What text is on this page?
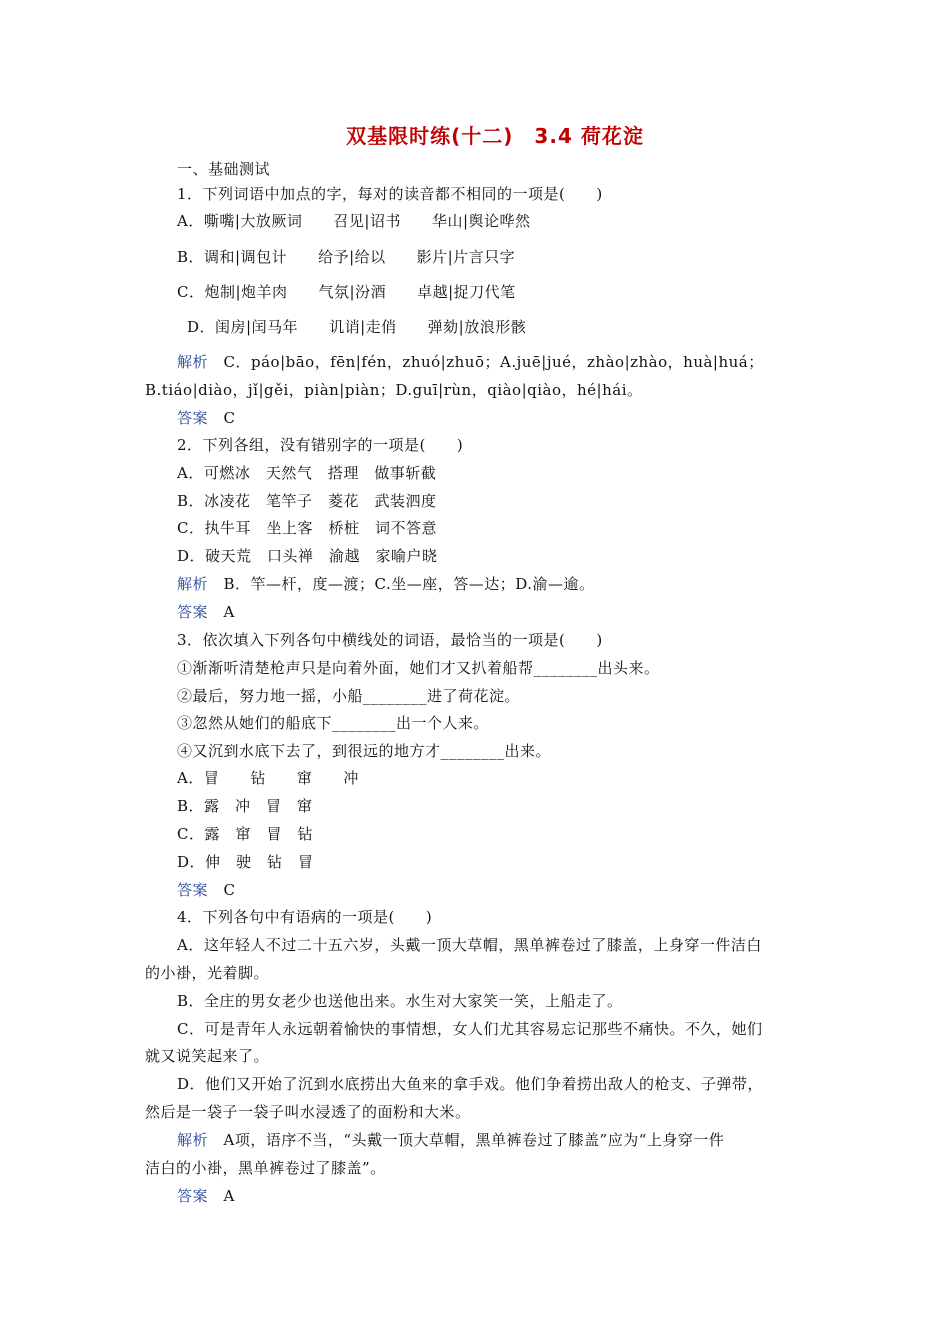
双基限时练(十二)　3.4 荷花淀
一、基础测试
1．下列词语中加点的字，每对的读音都不相同的一项是(　　)
A．嘶嘴|大放厥词　　召见|诏书　　华山|舆论哗然
B．调和|调包计　　给予|给以　　影片|片言只字
C．炮制|炮羊肉　　气氛|汾酒　　卓越|捉刀代笔
D．闺房|闰马年　　讥诮|走俏　　弹劾|放浪形骸
解析　C．páo|bāo，fēn|fén，zhuó|zhuō；A.juē|jué，zhào|zhào，huà|huá；
B.tiáo|diào，jǐ|gěi，piàn|piàn；D.guī|rùn，qiào|qiào，hé|hái。
答案　C
2．下列各组，没有错别字的一项是(　　)
A．可燃冰　天然气　搭理　做事斩截
B．冰凌花　笔竿子　菱花　武装泗度
C．执牛耳　坐上客　桥桩　词不答意
D．破天荒　口头禅　渝越　家喻户晓
解析　B．竿—杆，度—渡；C.坐—座，答—达；D.渝—逾。
答案　A
3．依次填入下列各句中横线处的词语，最恰当的一项是(　　)
①渐渐听清楚枪声只是向着外面，她们才又扒着船帮________出头来。
②最后，努力地一摇，小船________进了荷花淀。
③忽然从她们的船底下________出一个人来。
④又沉到水底下去了，到很远的地方才________出来。
A．冒　　钻　　窜　　冲
B．露　冲　冒　窜
C．露　窜　冒　钻
D．伸　驶　钻　冒
答案　C
4．下列各句中有语病的一项是(　　)
A．这年轻人不过二十五六岁，头戴一顶大草帽，黑单裤卷过了膝盖，上身穿一件洁白
的小褂，光着脚。
B．全庄的男女老少也送他出来。水生对大家笑一笑，上船走了。
C．可是青年人永远朝着愉快的事情想，女人们尤其容易忘记那些不痛快。不久，她们
就又说笑起来了。
D．他们又开始了沉到水底捞出大鱼来的拿手戏。他们争着捞出敌人的枪支、子弹带，
然后是一袋子一袋子叫水浸透了的面粉和大米。
解析　A项，语序不当，“头戴一顶大草帽，黑单裤卷过了膝盖”应为“上身穿一件
洁白的小褂，黑单裤卷过了膝盖”。
答案　A
